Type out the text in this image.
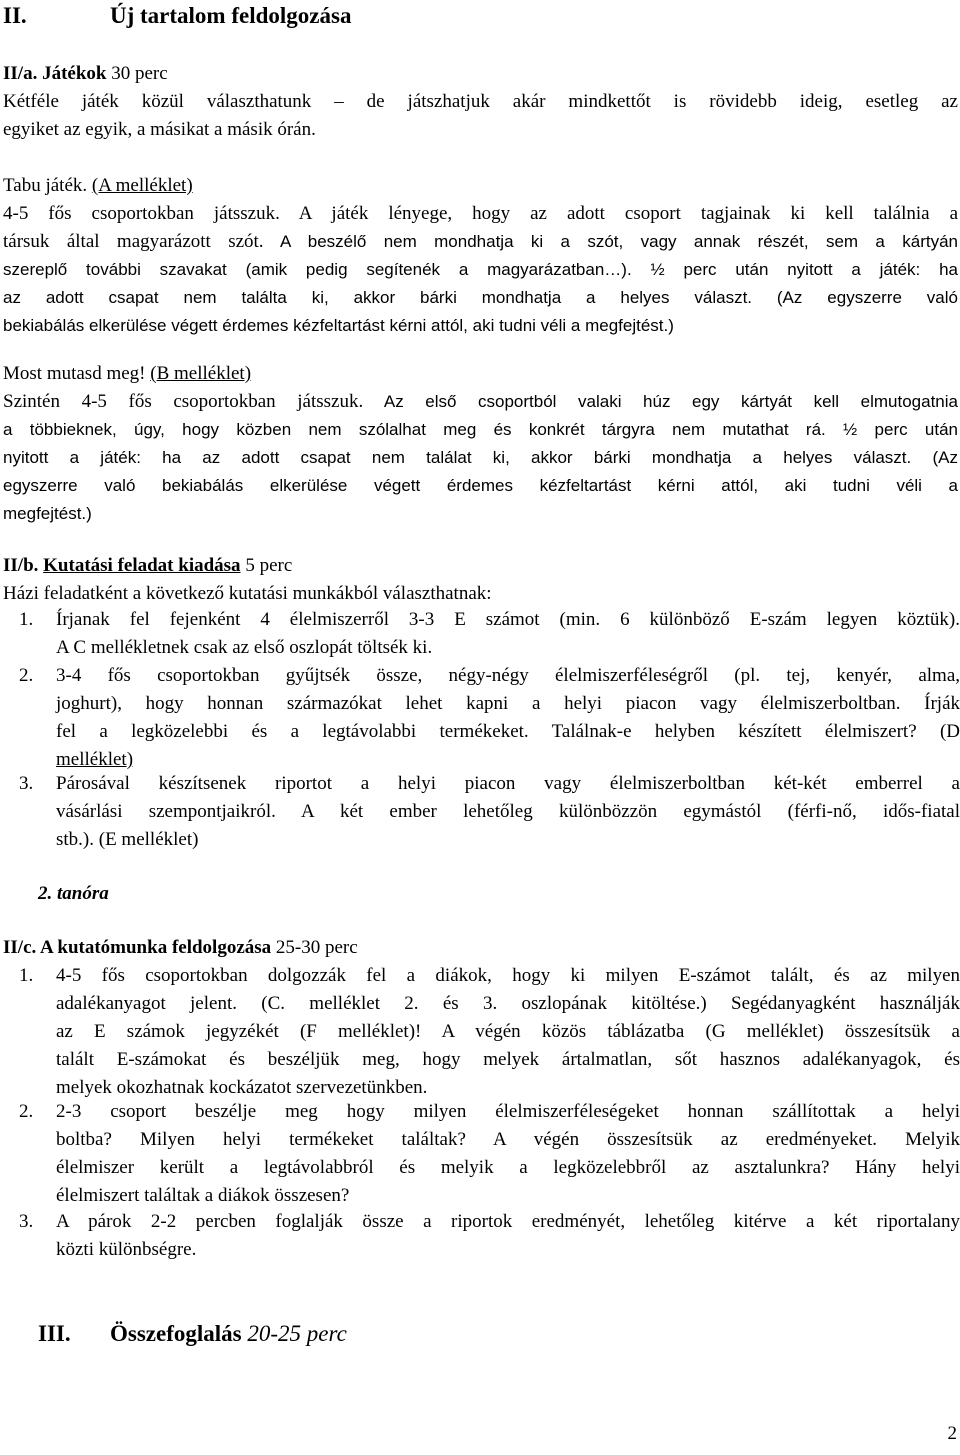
II.	Új tartalom feldolgozása
II/a. Játékok 30 perc
Kétféle játék közül választhatunk – de játszhatjuk akár mindkettőt is rövidebb ideig, esetleg az
egyiket az egyik, a másikat a másik órán.
Tabu játék. (A melléklet)
4-5 fős csoportokban játsszuk. A játék lényege, hogy az adott csoport tagjainak ki kell találnia a
társuk által magyarázott szót. A beszélő nem mondhatja ki a szót, vagy annak részét, sem a kártyán
szereplő további szavakat (amik pedig segítenék a magyarázatban…). ½ perc után nyitott a játék: ha
az adott csapat nem találta ki, akkor bárki mondhatja a helyes választ. (Az egyszerre való
bekiabálás elkerülése végett érdemes kézfeltartást kérni attól, aki tudni véli a megfejtést.)
Most mutasd meg! (B melléklet)
Szintén 4-5 fős csoportokban játsszuk. Az első csoportból valaki húz egy kártyát kell elmutogatnia
a többieknek, úgy, hogy közben nem szólalhat meg és konkrét tárgyra nem mutathat rá. ½ perc után
nyitott a játék: ha az adott csapat nem találat ki, akkor bárki mondhatja a helyes választ. (Az
egyszerre való bekiabálás elkerülése végett érdemes kézfeltartást kérni attól, aki tudni véli a
megfejtést.)
II/b. Kutatási feladat kiadása 5 perc
Házi feladatként a következő kutatási munkákból választhatnak:
1. Írjanak fel fejenként 4 élelmiszerről 3-3 E számot (min. 6 különböző E-szám legyen köztük).
A C mellékletnek csak az első oszlopát töltsék ki.
2. 3-4 fős csoportokban gyűjtsék össze, négy-négy élelmiszerféleségről (pl. tej, kenyér, alma,
joghurt), hogy honnan származókat lehet kapni a helyi piacon vagy élelmiszerboltban. Írják
fel a legközelebbi és a legtávolabbi termékeket. Találnak-e helyben készített élelmiszert? (D
melléklet)
3. Párosával készítsenek riportot a helyi piacon vagy élelmiszerboltban két-két emberrel a
vásárlási szempontjaikról. A két ember lehetőleg különbözzön egymástól (férfi-nő, idős-fiatal
stb.). (E melléklet)
2. tanóra
II/c. A kutatómunka feldolgozása 25-30 perc
1. 4-5 fős csoportokban dolgozzák fel a diákok, hogy ki milyen E-számot talált, és az milyen
adalékanyagot jelent. (C. melléklet 2. és 3. oszlopának kitöltése.) Segédanyagként használják
az E számok jegyzékét (F melléklet)! A végén közös táblázatba (G melléklet) összesítsük a
talált E-számokat és beszéljük meg, hogy melyek ártalmatlan, sőt hasznos adalékanyagok, és
melyek okozhatnak kockázatot szervezetünkben.
2. 2-3 csoport beszélje meg hogy milyen élelmiszerféleségeket honnan szállítottak a helyi
boltba? Milyen helyi termékeket találtak? A végén összesítsük az eredményeket. Melyik
élelmiszer került a legtávolabbról és melyik a legközelebbről az asztalunkra? Hány helyi
élelmiszert találtak a diákok összesen?
3. A párok 2-2 percben foglalják össze a riportok eredményét, lehetőleg kitérve a két riportalany
közti különbségre.
III. Összefoglalás 20-25 perc
2
